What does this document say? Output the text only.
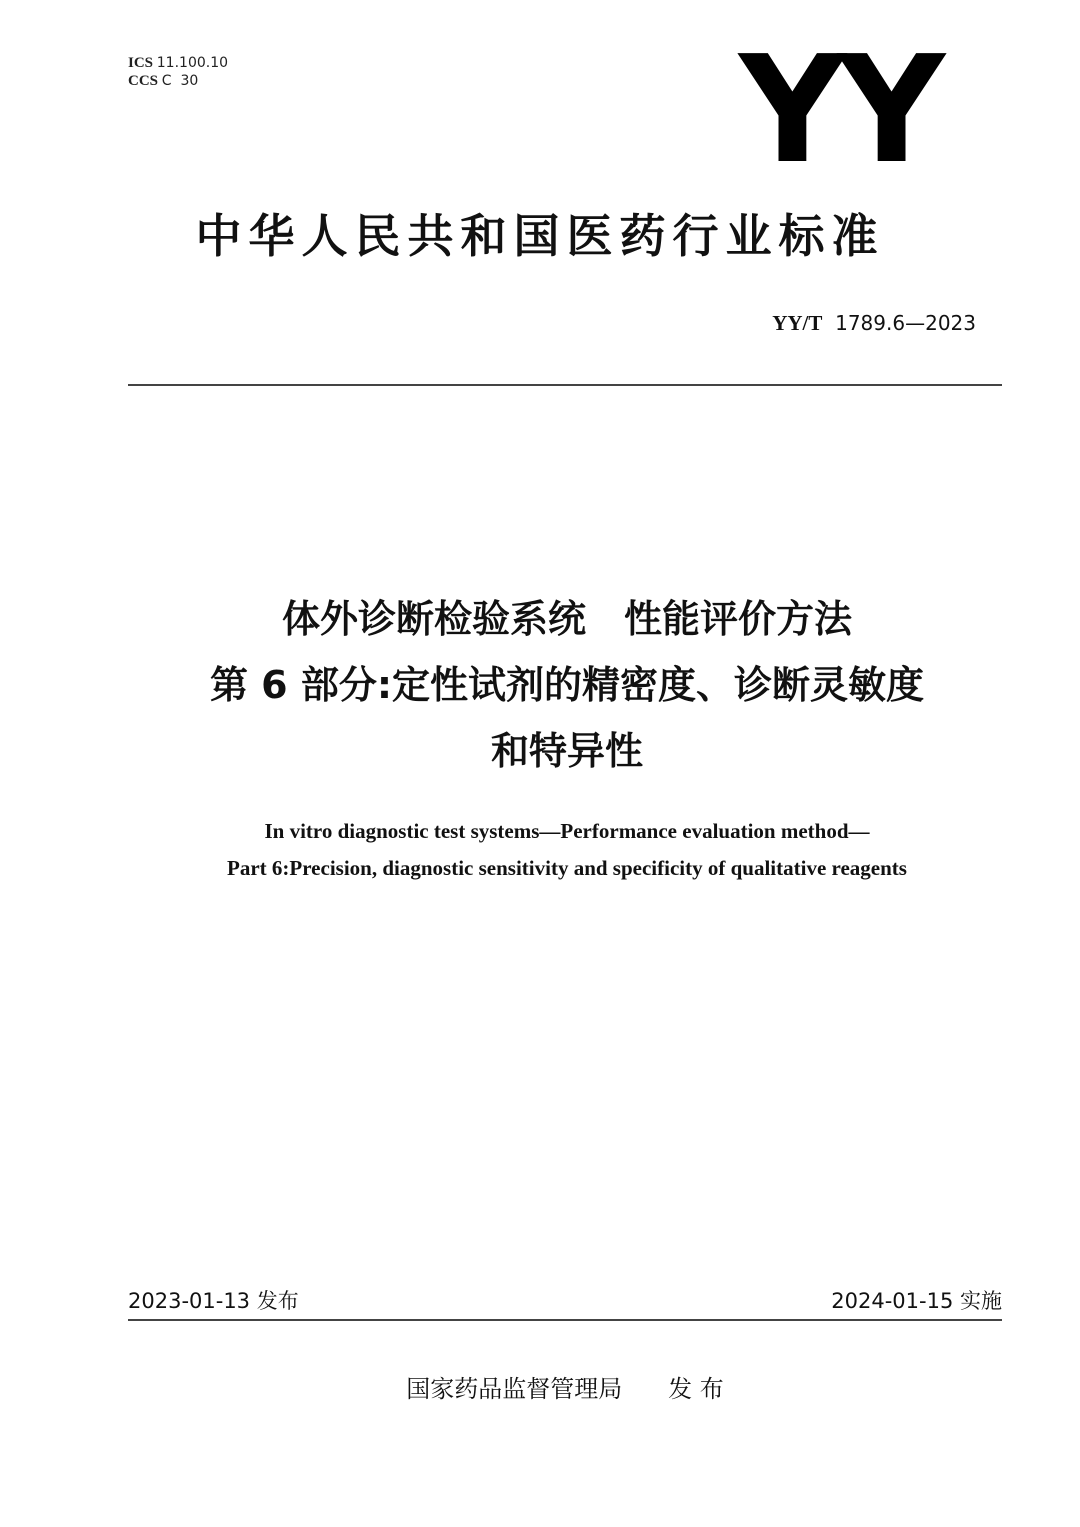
ICS 11.100.10
CCS C  30	YY
中华人民共和国医药行业标准
YY/T 1789.6—2023
体外诊断检验系统　性能评价方法
第 6 部分:定性试剂的精密度、诊断灵敏度
和特异性
In vitro diagnostic test systems—Performance evaluation method—
Part 6:Precision, diagnostic sensitivity and specificity of qualitative reagents
2023-01-13 发布	2024-01-15 实施
国家药品监督管理局 发 布
